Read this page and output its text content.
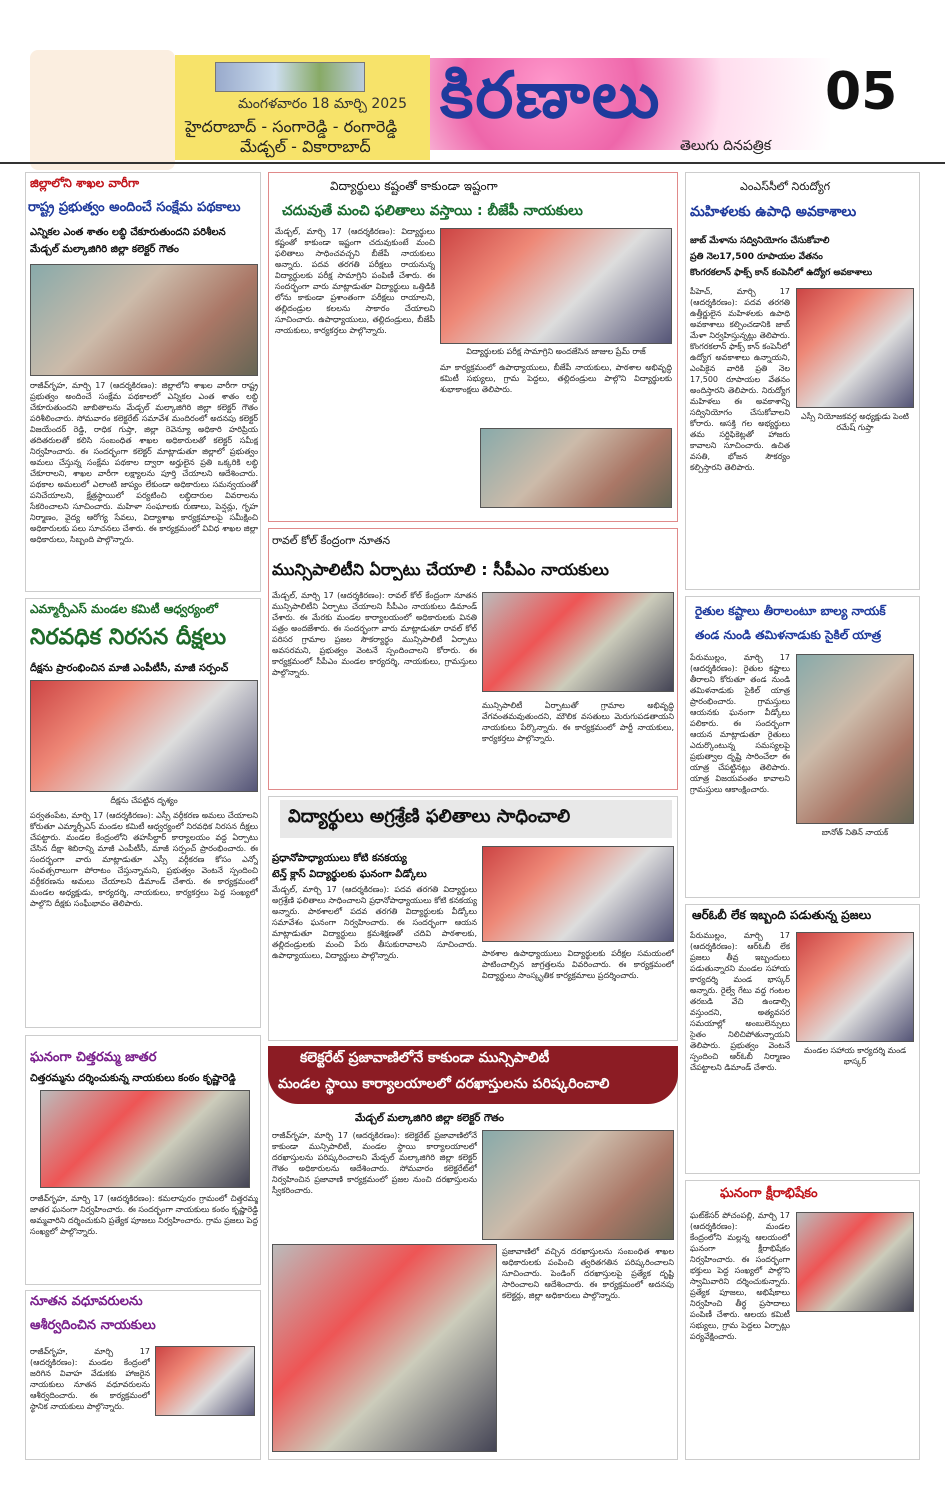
మంగళవారం 18 మార్చి 2025
హైదరాబాద్ - సంగారెడ్డి - రంగారెడ్డి
మేడ్చల్ - వికారాబాద్
కిరణాలు	05
తెలుగు దినపత్రిక
జిల్లాలోని శాఖల వారీగా
రాష్ట్ర ప్రభుత్వం అందించే సంక్షేమ పథకాలు
ఎన్నికల ఎంత శాతం లబ్ధి చేకూరుతుందని పరిశీలన
మేడ్చల్ మల్కాజిగిరి జిల్లా కలెక్టర్ గౌతం
రాజీవ్‌గృహ, మార్చి 17 (ఆదర్శకిరణం): జిల్లాలోని శాఖల వారీగా రాష్ట్ర ప్రభుత్వం అందించే సంక్షేమ పథకాలలో ఎన్నికల ఎంత శాతం లబ్ధి చేకూరుతుందని జాబితాలను మేడ్చల్ మల్కాజిగిరి జిల్లా కలెక్టర్ గౌతం పరిశీలించారు. సోమవారం కలెక్టరేట్ సమావేశ మందిరంలో అదనపు కలెక్టర్ విజయేందర్ రెడ్డి, రాధిక గుప్తా, జిల్లా రెవెన్యూ అధికారి హరిప్రియ తదితరులతో కలిసి సంబంధిత శాఖల అధికారులతో కలెక్టర్ సమీక్ష నిర్వహించారు. ఈ సందర్భంగా కలెక్టర్ మాట్లాడుతూ జిల్లాలో ప్రభుత్వం అమలు చేస్తున్న సంక్షేమ పథకాల ద్వారా అర్హులైన ప్రతి ఒక్కరికి లబ్ధి చేకూరాలని, శాఖల వారీగా లక్ష్యాలను పూర్తి చేయాలని ఆదేశించారు. పథకాల అమలులో ఎలాంటి జాప్యం లేకుండా అధికారులు సమన్వయంతో పనిచేయాలని, క్షేత్రస్థాయిలో పర్యటించి లబ్ధిదారుల వివరాలను సేకరించాలని సూచించారు. మహిళా సంఘాలకు రుణాలు, పెన్షన్లు, గృహ నిర్మాణం, వైద్య ఆరోగ్య సేవలు, విద్యాశాఖ కార్యక్రమాలపై సమీక్షించి అధికారులకు పలు సూచనలు చేశారు. ఈ కార్యక్రమంలో వివిధ శాఖల జిల్లా అధికారులు, సిబ్బంది పాల్గొన్నారు.
ఎమ్మార్పీఎస్ మండల కమిటీ ఆధ్వర్యంలో
నిరవధిక నిరసన దీక్షలు
దీక్షను ప్రారంభించిన మాజీ ఎంపీటీసీ, మాజీ సర్పంచ్
దీక్షను చేపట్టిన దృశ్యం
పర్వతంపేట, మార్చి 17 (ఆదర్శకిరణం): ఎస్సీ వర్గీకరణ అమలు చేయాలని కోరుతూ ఎమ్మార్పీఎస్ మండల కమిటీ ఆధ్వర్యంలో నిరవధిక నిరసన దీక్షలు చేపట్టారు. మండల కేంద్రంలోని తహసీల్దార్ కార్యాలయం వద్ద ఏర్పాటు చేసిన దీక్షా శిబిరాన్ని మాజీ ఎంపీటీసీ, మాజీ సర్పంచ్ ప్రారంభించారు. ఈ సందర్భంగా వారు మాట్లాడుతూ ఎస్సీ వర్గీకరణ కోసం ఎన్నో సంవత్సరాలుగా పోరాటం చేస్తున్నామని, ప్రభుత్వం వెంటనే స్పందించి వర్గీకరణను అమలు చేయాలని డిమాండ్ చేశారు. ఈ కార్యక్రమంలో మండల అధ్యక్షుడు, కార్యదర్శి, నాయకులు, కార్యకర్తలు పెద్ద సంఖ్యలో పాల్గొని దీక్షకు సంఘీభావం తెలిపారు.
ఘనంగా చిత్తరమ్మ జాతర
చిత్తరమ్మను దర్శించుకున్న నాయకులు కంఠం కృష్ణారెడ్డి
రాజీవ్‌గృహ, మార్చి 17 (ఆదర్శకిరణం): కమలాపురం గ్రామంలో చిత్తరమ్మ జాతర ఘనంగా నిర్వహించారు. ఈ సందర్భంగా నాయకులు కంఠం కృష్ణారెడ్డి అమ్మవారిని దర్శించుకుని ప్రత్యేక పూజలు నిర్వహించారు. గ్రామ ప్రజలు పెద్ద సంఖ్యలో పాల్గొన్నారు.
నూతన వధూవరులను
ఆశీర్వదించిన నాయకులు
రాజీవ్‌గృహ, మార్చి 17 (ఆదర్శకిరణం): మండల కేంద్రంలో జరిగిన వివాహ వేడుకకు హాజరైన నాయకులు నూతన వధూవరులను ఆశీర్వదించారు. ఈ కార్యక్రమంలో స్థానిక నాయకులు పాల్గొన్నారు.
విద్యార్థులు కష్టంతో కాకుండా ఇష్టంగా
చదువుతే మంచి ఫలితాలు వస్తాయి : బీజేపీ నాయకులు
మేడ్చల్, మార్చి 17 (ఆదర్శకిరణం): విద్యార్థులు కష్టంతో కాకుండా ఇష్టంగా చదువుకుంటే మంచి ఫలితాలు సాధించవచ్చని బీజేపీ నాయకులు అన్నారు. పదవ తరగతి పరీక్షలు రాయనున్న విద్యార్థులకు పరీక్ష సామాగ్రిని పంపిణీ చేశారు. ఈ సందర్భంగా వారు మాట్లాడుతూ విద్యార్థులు ఒత్తిడికి లోను కాకుండా ప్రశాంతంగా పరీక్షలు రాయాలని, తల్లిదండ్రుల కలలను సాకారం చేయాలని సూచించారు. ఉపాధ్యాయులు, తల్లిదండ్రులు, బీజేపీ నాయకులు, కార్యకర్తలు పాల్గొన్నారు.
విద్యార్థులకు పరీక్ష సామాగ్రిని అందజేసిన జాజుల ప్రేమ్ రాజ్
మా కార్యక్రమంలో ఉపాధ్యాయులు, బీజేపీ నాయకులు, పాఠశాల అభివృద్ధి కమిటీ సభ్యులు, గ్రామ పెద్దలు, తల్లిదండ్రులు పాల్గొని విద్యార్థులకు శుభాకాంక్షలు తెలిపారు.
రావల్ కోల్ కేంద్రంగా నూతన
మున్సిపాలిటీని ఏర్పాటు చేయాలి : సీపీఎం నాయకులు
మేడ్చల్, మార్చి 17 (ఆదర్శకిరణం): రావల్ కోల్ కేంద్రంగా నూతన మున్సిపాలిటీని ఏర్పాటు చేయాలని సీపీఎం నాయకులు డిమాండ్ చేశారు. ఈ మేరకు మండల కార్యాలయంలో అధికారులకు వినతి పత్రం అందజేశారు. ఈ సందర్భంగా వారు మాట్లాడుతూ రావల్ కోల్ పరిసర గ్రామాల ప్రజల సౌకర్యార్థం మున్సిపాలిటీ ఏర్పాటు అవసరమని, ప్రభుత్వం వెంటనే స్పందించాలని కోరారు. ఈ కార్యక్రమంలో సీపీఎం మండల కార్యదర్శి, నాయకులు, గ్రామస్తులు పాల్గొన్నారు.
మున్సిపాలిటీ ఏర్పాటుతో గ్రామాల అభివృద్ధి వేగవంతమవుతుందని, మౌలిక వసతులు మెరుగుపడతాయని నాయకులు పేర్కొన్నారు. ఈ కార్యక్రమంలో పార్టీ నాయకులు, కార్యకర్తలు పాల్గొన్నారు.
విద్యార్థులు అగ్రశ్రేణి ఫలితాలు సాధించాలి
ప్రధానోపాధ్యాయులు కోటి కనకయ్య
టెన్త్ క్లాస్ విద్యార్థులకు ఘనంగా వీడ్కోలు
మేడ్చల్, మార్చి 17 (ఆదర్శకిరణం): పదవ తరగతి విద్యార్థులు అగ్రశ్రేణి ఫలితాలు సాధించాలని ప్రధానోపాధ్యాయులు కోటి కనకయ్య అన్నారు. పాఠశాలలో పదవ తరగతి విద్యార్థులకు వీడ్కోలు సమావేశం ఘనంగా నిర్వహించారు. ఈ సందర్భంగా ఆయన మాట్లాడుతూ విద్యార్థులు క్రమశిక్షణతో చదివి పాఠశాలకు, తల్లిదండ్రులకు మంచి పేరు తీసుకురావాలని సూచించారు. ఉపాధ్యాయులు, విద్యార్థులు పాల్గొన్నారు.	పాఠశాల ఉపాధ్యాయులు విద్యార్థులకు పరీక్షల సమయంలో పాటించాల్సిన జాగ్రత్తలను వివరించారు. ఈ కార్యక్రమంలో విద్యార్థులు సాంస్కృతిక కార్యక్రమాలు ప్రదర్శించారు.
కలెక్టరేట్ ప్రజావాణిలోనే కాకుండా మున్సిపాలిటీ
మండల స్థాయి కార్యాలయాలలో దరఖాస్తులను పరిష్కరించాలి
మేడ్చల్ మల్కాజిగిరి జిల్లా కలెక్టర్ గౌతం
రాజీవ్‌గృహ, మార్చి 17 (ఆదర్శకిరణం): కలెక్టరేట్ ప్రజావాణిలోనే కాకుండా మున్సిపాలిటీ, మండల స్థాయి కార్యాలయాలలో దరఖాస్తులను పరిష్కరించాలని మేడ్చల్ మల్కాజిగిరి జిల్లా కలెక్టర్ గౌతం అధికారులను ఆదేశించారు. సోమవారం కలెక్టరేట్‌లో నిర్వహించిన ప్రజావాణి కార్యక్రమంలో ప్రజల నుంచి దరఖాస్తులను స్వీకరించారు.
ప్రజావాణిలో వచ్చిన దరఖాస్తులను సంబంధిత శాఖల అధికారులకు పంపించి త్వరితగతిన పరిష్కరించాలని సూచించారు. పెండింగ్ దరఖాస్తులపై ప్రత్యేక దృష్టి సారించాలని ఆదేశించారు. ఈ కార్యక్రమంలో అదనపు కలెక్టర్లు, జిల్లా అధికారులు పాల్గొన్నారు.
ఎంఎస్‌సీలో నిరుద్యోగ
మహిళలకు ఉపాధి అవకాశాలు
జాబ్ మేళాను సద్వినియోగం చేసుకోవాలి
ప్రతి నెల17,500 రూపాయల వేతనం
కొంగరకలాన్ ఫాక్స్ కాన్ కంపెనీలో ఉద్యోగ అవకాశాలు
పీహెచ్, మార్చి 17 (ఆదర్శకిరణం): పదవ తరగతి ఉత్తీర్ణులైన మహిళలకు ఉపాధి అవకాశాలు కల్పించడానికి జాబ్ మేళా నిర్వహిస్తున్నట్లు తెలిపారు. కొంగరకలాన్ ఫాక్స్ కాన్ కంపెనీలో ఉద్యోగ అవకాశాలు ఉన్నాయని, ఎంపికైన వారికి ప్రతి నెల 17,500 రూపాయల వేతనం అందిస్తారని తెలిపారు. నిరుద్యోగ మహిళలు ఈ అవకాశాన్ని సద్వినియోగం చేసుకోవాలని కోరారు. ఆసక్తి గల అభ్యర్థులు తమ సర్టిఫికెట్లతో హాజరు కావాలని సూచించారు. ఉచిత వసతి, భోజన సౌకర్యం కల్పిస్తారని తెలిపారు.
ఎస్సీ నియోజకవర్గ అధ్యక్షుడు పెంటి ర‌మేష్ గుప్తా
రైతుల కష్టాలు తీరాలంటూ బాల్య నాయక్
తండ నుండి తమిళనాడుకు సైకిల్ యాత్ర
పేరుముల్లం, మార్చి 17 (ఆదర్శకిరణం): రైతుల కష్టాలు తీరాలని కోరుతూ తండ నుండి తమిళనాడుకు సైకిల్ యాత్ర ప్రారంభించారు. గ్రామస్తులు ఆయనకు ఘనంగా వీడ్కోలు పలికారు. ఈ సందర్భంగా ఆయన మాట్లాడుతూ రైతులు ఎదుర్కొంటున్న సమస్యలపై ప్రభుత్వాల దృష్టి సారించేలా ఈ యాత్ర చేపట్టినట్లు తెలిపారు. యాత్ర విజయవంతం కావాలని గ్రామస్తులు ఆకాంక్షించారు.
బానోత్ నితిన్ నాయక్
ఆర్ఓబీ లేక ఇబ్బంది పడుతున్న ప్రజలు
పేరుముల్లం, మార్చి 17 (ఆదర్శకిరణం): ఆర్ఓబీ లేక ప్రజలు తీవ్ర ఇబ్బందులు పడుతున్నారని మండల సహాయ కార్యదర్శి మండ భాస్కర్ అన్నారు. రైల్వే గేటు వద్ద గంటల తరబడి వేచి ఉండాల్సి వస్తుందని, అత్యవసర సమయాల్లో అంబులెన్సులు సైతం నిలిచిపోతున్నాయని తెలిపారు. ప్రభుత్వం వెంటనే స్పందించి ఆర్ఓబీ నిర్మాణం చేపట్టాలని డిమాండ్ చేశారు.
మండల సహాయ కార్యదర్శి మండ భాస్కర్
ఘనంగా క్షీరాభిషేకం
ఘట్‌కేసర్ పోచంపల్లి, మార్చి 17 (ఆదర్శకిరణం): మండల కేంద్రంలోని మల్లన్న ఆలయంలో ఘనంగా క్షీరాభిషేకం నిర్వహించారు. ఈ సందర్భంగా భక్తులు పెద్ద సంఖ్యలో పాల్గొని స్వామివారిని దర్శించుకున్నారు. ప్రత్యేక పూజలు, అభిషేకాలు నిర్వహించి తీర్థ ప్రసాదాలు పంపిణీ చేశారు. ఆలయ కమిటీ సభ్యులు, గ్రామ పెద్దలు ఏర్పాట్లు పర్యవేక్షించారు.
